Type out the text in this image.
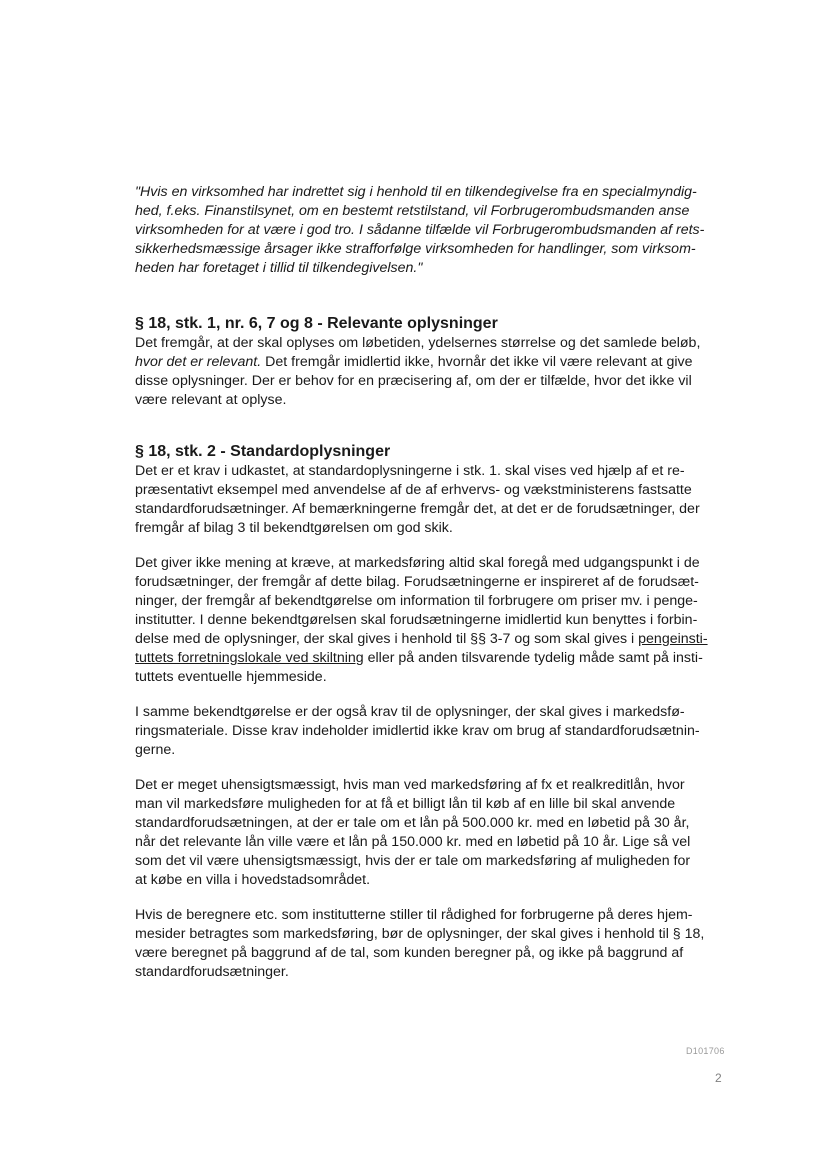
"Hvis en virksomhed har indrettet sig i henhold til en tilkendegivelse fra en specialmyndig-
hed, f.eks. Finanstilsynet, om en bestemt retstilstand, vil Forbrugerombudsmanden anse
virksomheden for at være i god tro. I sådanne tilfælde vil Forbrugerombudsmanden af rets-
sikkerhedsmæssige årsager ikke strafforfølge virksomheden for handlinger, som virksom-
heden har foretaget i tillid til tilkendegivelsen."
§ 18, stk. 1, nr. 6, 7 og 8 - Relevante oplysninger
Det fremgår, at der skal oplyses om løbetiden, ydelsernes størrelse og det samlede beløb,
hvor det er relevant. Det fremgår imidlertid ikke, hvornår det ikke vil være relevant at give
disse oplysninger. Der er behov for en præcisering af, om der er tilfælde, hvor det ikke vil
være relevant at oplyse.
§ 18, stk. 2 - Standardoplysninger
Det er et krav i udkastet, at standardoplysningerne i stk. 1. skal vises ved hjælp af et re-
præsentativt eksempel med anvendelse af de af erhvervs- og vækstministerens fastsatte
standardforudsætninger. Af bemærkningerne fremgår det, at det er de forudsætninger, der
fremgår af bilag 3 til bekendtgørelsen om god skik.
Det giver ikke mening at kræve, at markedsføring altid skal foregå med udgangspunkt i de
forudsætninger, der fremgår af dette bilag. Forudsætningerne er inspireret af de forudsæt-
ninger, der fremgår af bekendtgørelse om information til forbrugere om priser mv. i penge-
institutter. I denne bekendtgørelsen skal forudsætningerne imidlertid kun benyttes i forbin-
delse med de oplysninger, der skal gives i henhold til §§ 3-7 og som skal gives i pengeinsti-
tuttets forretningslokale ved skiltning eller på anden tilsvarende tydelig måde samt på insti-
tuttets eventuelle hjemmeside.
I samme bekendtgørelse er der også krav til de oplysninger, der skal gives i markedsfø-
ringsmateriale. Disse krav indeholder imidlertid ikke krav om brug af standardforudsætnin-
gerne.
Det er meget uhensigtsmæssigt, hvis man ved markedsføring af fx et realkreditlån, hvor
man vil markedsføre muligheden for at få et billigt lån til køb af en lille bil skal anvende
standardforudsætningen, at der er tale om et lån på 500.000 kr. med en løbetid på 30 år,
når det relevante lån ville være et lån på 150.000 kr. med en løbetid på 10 år. Lige så vel
som det vil være uhensigtsmæssigt, hvis der er tale om markedsføring af muligheden for
at købe en villa i hovedstadsområdet.
Hvis de beregnere etc. som institutterne stiller til rådighed for forbrugerne på deres hjem-
mesider betragtes som markedsføring, bør de oplysninger, der skal gives i henhold til § 18,
være beregnet på baggrund af de tal, som kunden beregner på, og ikke på baggrund af
standardforudsætninger.
D101706
2
